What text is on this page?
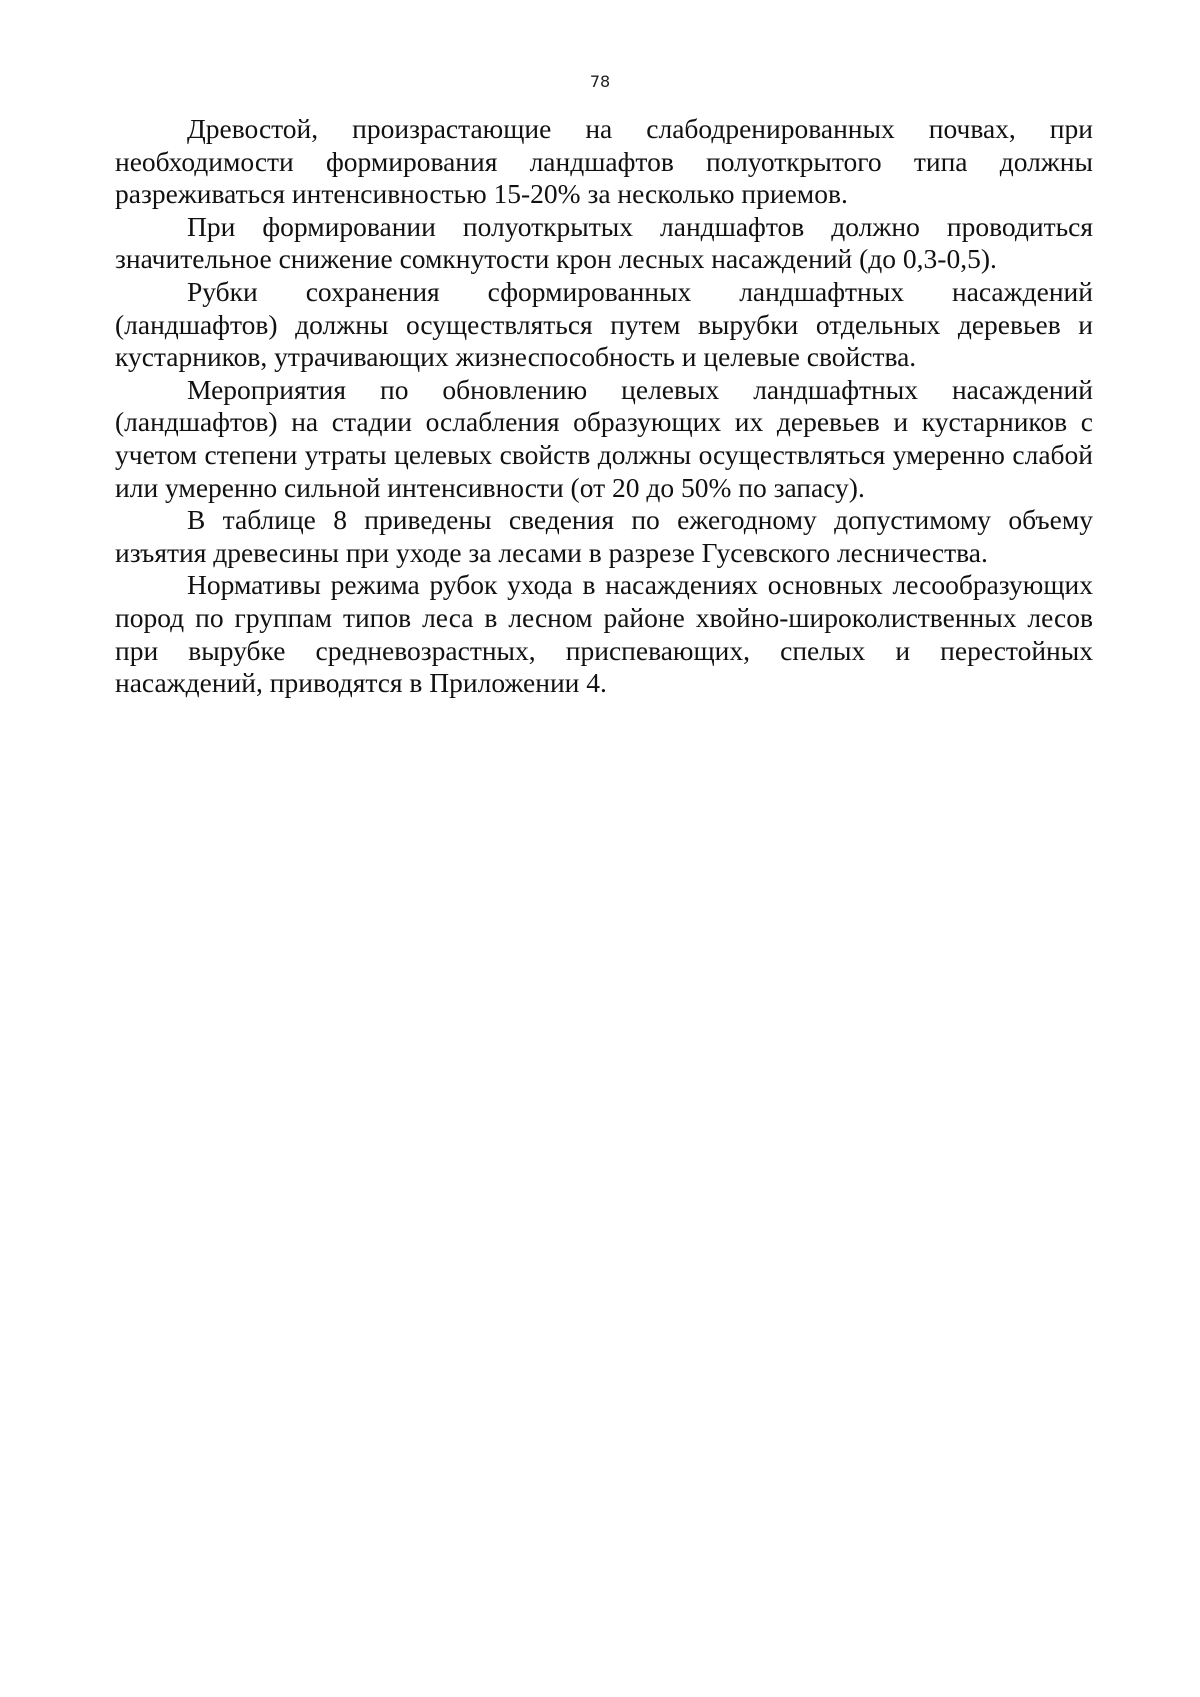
78

Древостой, произрастающие на слабодренированных почвах, при необходимости формирования ландшафтов полуоткрытого типа должны разреживаться интенсивностью 15-20% за несколько приемов.

При формировании полуоткрытых ландшафтов должно проводиться значительное снижение сомкнутости крон лесных насаждений (до 0,3-0,5).

Рубки сохранения сформированных ландшафтных насаждений (ландшафтов) должны осуществляться путем вырубки отдельных деревьев и кустарников, утрачивающих жизнеспособность и целевые свойства.

Мероприятия по обновлению целевых ландшафтных насаждений (ландшафтов) на стадии ослабления образующих их деревьев и кустарников с учетом степени утраты целевых свойств должны осуществляться умеренно слабой или умеренно сильной интенсивности (от 20 до 50% по запасу).

В таблице 8 приведены сведения по ежегодному допустимому объему изъятия древесины при уходе за лесами в разрезе Гусевского лесничества.

Нормативы режима рубок ухода в насаждениях основных лесообразующих пород по группам типов леса в лесном районе хвойно-широколиственных лесов при вырубке средневозрастных, приспевающих, спелых и перестойных насаждений, приводятся в Приложении 4.
